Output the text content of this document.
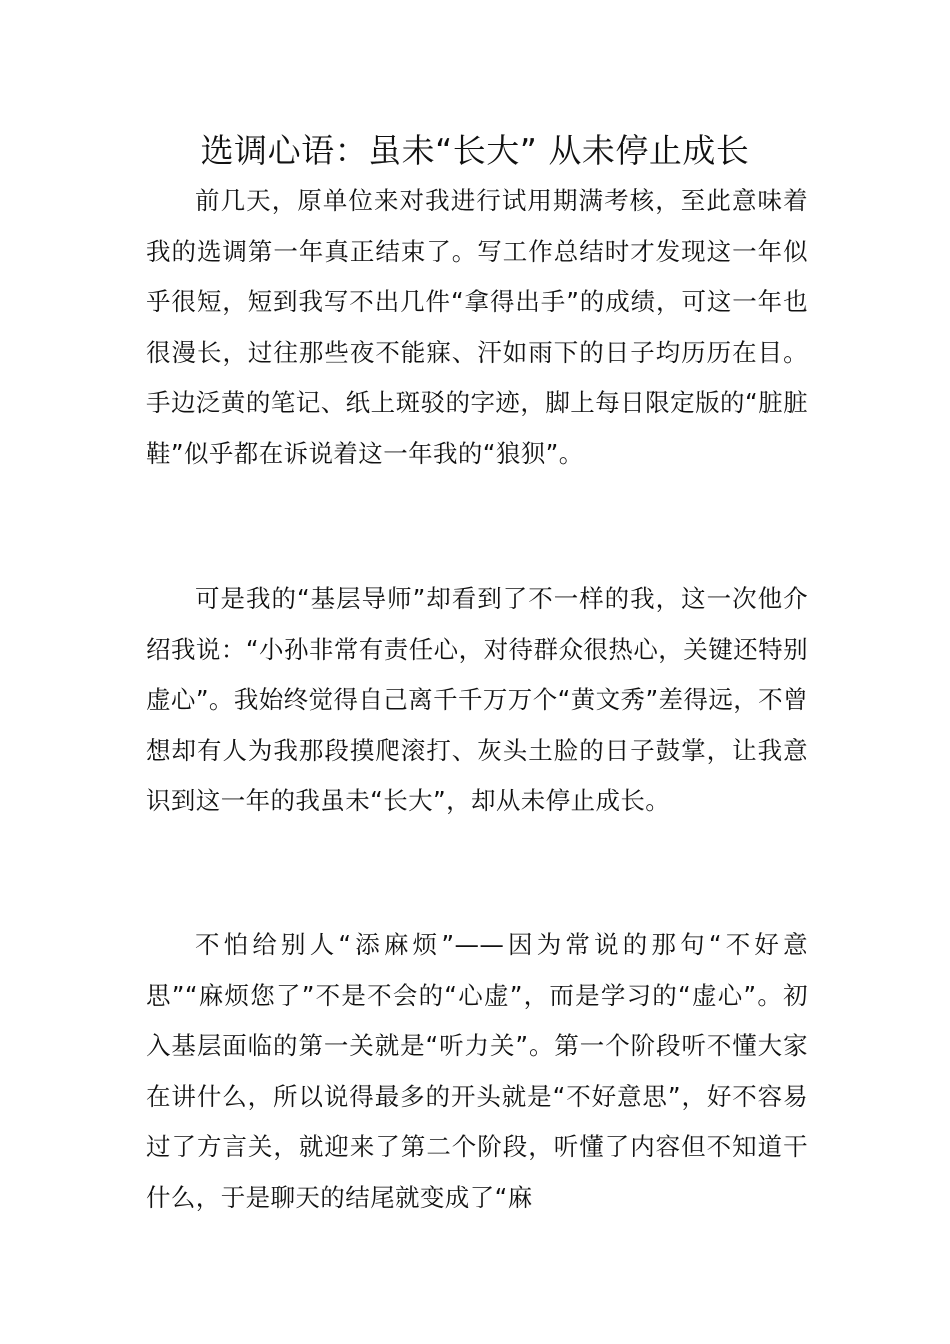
选调心语：虽未“长大” 从未停止成长

前几天，原单位来对我进行试用期满考核，至此意味着我的选调第一年真正结束了。写工作总结时才发现这一年似乎很短，短到我写不出几件“拿得出手”的成绩，可这一年也很漫长，过往那些夜不能寐、汗如雨下的日子均历历在目。手边泛黄的笔记、纸上斑驳的字迹，脚上每日限定版的“脏脏鞋”似乎都在诉说着这一年我的“狼狈”。

可是我的“基层导师”却看到了不一样的我，这一次他介绍我说：“小孙非常有责任心，对待群众很热心，关键还特别虚心”。我始终觉得自己离千千万万个“黄文秀”差得远，不曾想却有人为我那段摸爬滚打、灰头土脸的日子鼓掌，让我意识到这一年的我虽未“长大”，却从未停止成长。

不怕给别人“添麻烦”——因为常说的那句“不好意思”“麻烦您了”不是不会的“心虚”，而是学习的“虚心”。初入基层面临的第一关就是“听力关”。第一个阶段听不懂大家在讲什么，所以说得最多的开头就是“不好意思”，好不容易过了方言关，就迎来了第二个阶段，听懂了内容但不知道干什么，于是聊天的结尾就变成了“麻
